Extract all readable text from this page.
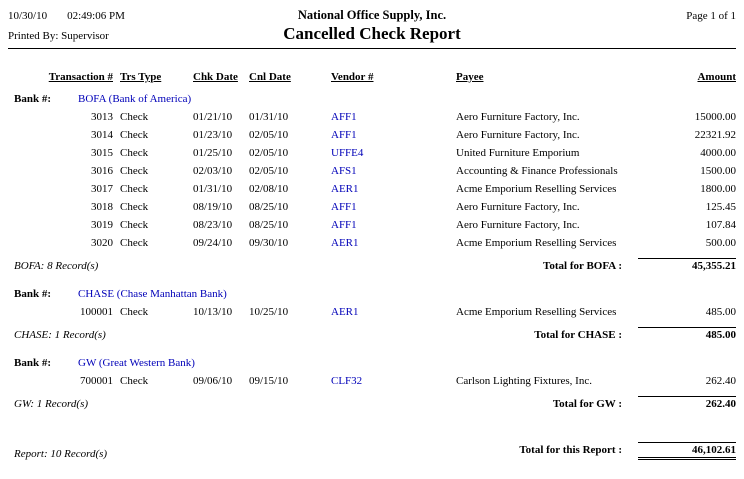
10/30/10 02:49:06 PM	National Office Supply, Inc.	Page 1 of 1
Printed By: Supervisor	Cancelled Check Report
Transaction # Trs Type	Chk Date	Cnl Date	Vendor #	Payee	Amount
Bank #: BOFA (Bank of America)
3013 Check	01/21/10	01/31/10	AFF1	Aero Furniture Factory, Inc.	15000.00
3014 Check	01/23/10	02/05/10	AFF1	Aero Furniture Factory, Inc.	22321.92
3015 Check	01/25/10	02/05/10	UFFE4	United Furniture Emporium	4000.00
3016 Check	02/03/10	02/05/10	AFS1	Accounting & Finance Professionals	1500.00
3017 Check	01/31/10	02/08/10	AER1	Acme Emporium Reselling Services	1800.00
3018 Check	08/19/10	08/25/10	AFF1	Aero Furniture Factory, Inc.	125.45
3019 Check	08/23/10	08/25/10	AFF1	Aero Furniture Factory, Inc.	107.84
3020 Check	09/24/10	09/30/10	AER1	Acme Emporium Reselling Services	500.00
BOFA: 8 Record(s)	Total for BOFA :	45,355.21
Bank #: CHASE (Chase Manhattan Bank)
100001 Check	10/13/10	10/25/10	AER1	Acme Emporium Reselling Services	485.00
CHASE: 1 Record(s)	Total for CHASE :	485.00
Bank #: GW (Great Western Bank)
700001 Check	09/06/10	09/15/10	CLF32	Carlson Lighting Fixtures, Inc.	262.40
GW: 1 Record(s)	Total for GW :	262.40
Report: 10 Record(s)	Total for this Report :	46,102.61
